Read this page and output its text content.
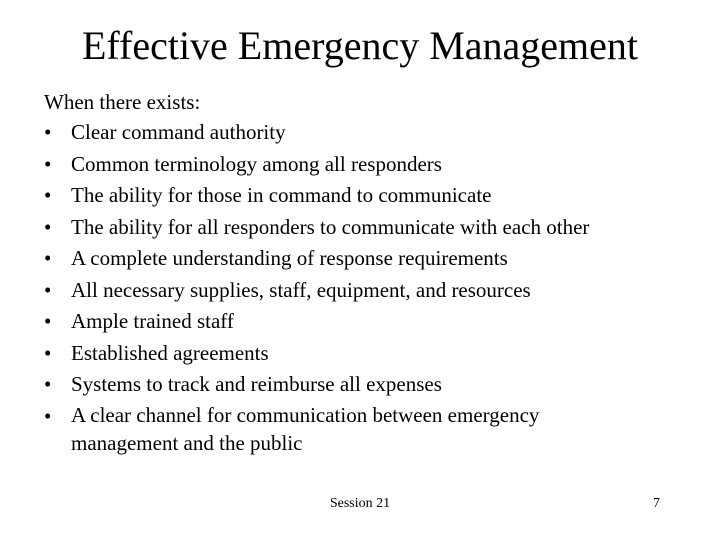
Effective Emergency Management

When there exists:

• Clear command authority
• Common terminology among all responders
• The ability for those in command to communicate
• The ability for all responders to communicate with each other
• A complete understanding of response requirements
• All necessary supplies, staff, equipment, and resources
• Ample trained staff
• Established agreements
• Systems to track and reimburse all expenses
• A clear channel for communication between emergency
management and the public
Session 21	7
